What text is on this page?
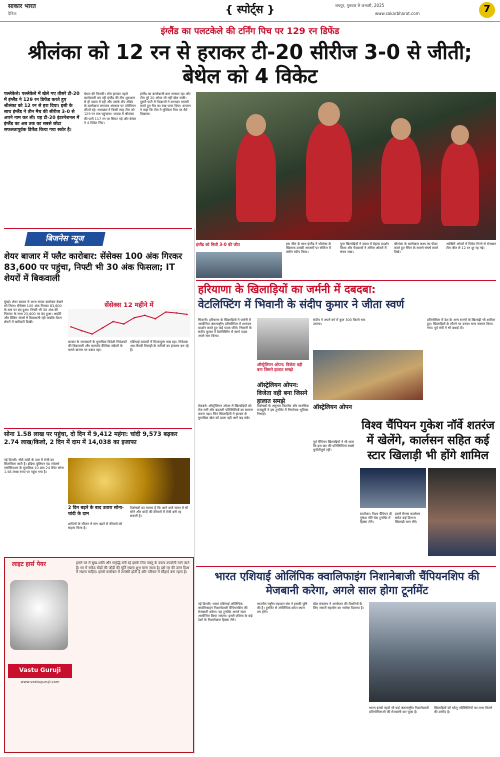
दैनिक
साकार भारत	{ स्पोर्ट्स }	जयपुर, गुरुवार 9 जनवरी, 2025
www.sakarbharat.com	7
इंग्लैंड का पलटकेले की टर्निंग पिच पर 129 रन डिफेंड
श्रीलंका को 12 रन से हराकर टी-20 सीरीज 3-0 से जीती; बेथेल को 4 विकेट
पल्लेकेले। पल्लेकेले में खेले गए तीसरे टी-20 में इंग्लैंड ने 129 रन डिफेंड करते हुए श्रीलंका को 12 रन से हरा दिया। इसी के साथ इंग्लैंड ने तीन मैच की सीरीज 3-0 से अपने नाम कर ली। यह टी-20 इंटरनेशनल में इंग्लैंड का अब तक का सबसे छोटा सफलतापूर्वक डिफेंड किया गया स्कोर है।
बेथल की फिरकी। टॉस हारकर पहले बल्लेबाजी कर रही इंग्लैंड की टीम शुरुआत से ही दबाव में रही और उसके टॉप ऑर्डर के बल्लेबाज लगातार अंतराल पर पवेलियन लौटते रहे। मध्यक्रम ने किसी तरह टीम को 129 रन तक पहुंचाया। जवाब में श्रीलंका की पारी 117 रन पर सिमट गई और बेथेल ने 4 विकेट लिए।
इंग्लैंड का बल्लेबाजी क्रम नाकाम रहा और टीम पूरे 20 ओवर भी नहीं खेल सकी। दूसरी पारी में गेंदबाजों ने शानदार वापसी करते हुए मैच का रुख पलट दिया। कप्तान ने कहा कि टीम ने मुश्किल पिच पर धैर्य दिखाया।
इंग्लैंड को मिली 3-0 की जीत	इस जीत के साथ इंग्लैंड ने श्रीलंका के खिलाफ उसकी सरजमीं पर सीरीज में क्लीन स्वीप किया।
युवा खिलाड़ियों ने दबाव में बेहतर प्रदर्शन किया और गेंदबाजों ने अंतिम ओवरों में संयम रखा।
श्रीलंका के बल्लेबाज लक्ष्य का पीछा करते हुए स्पिन के सामने संघर्ष करते दिखे।
आखिरी ओवरों में विकेट गिरने से मेजबान टीम जीत से 12 रन दूर रह गई।
बिजनेस न्यूज
शेयर बाजार में फ्लैट कारोबार: सेंसेक्स 100 अंक गिरकर 83,600 पर पहुंचा, निफ्टी भी 30 अंक फिसला; IT शेयरों में बिकवाली
मुंबई। शेयर बाजार में आज सपाट कारोबार देखने को मिला। सेंसेक्स 100 अंक गिरकर 83,600 के स्तर पर बंद हुआ। निफ्टी भी 30 अंक की गिरावट के साथ 25,600 पर बंद हुआ। आईटी और बैंकिंग शेयरों में बिकवाली रही जबकि मेटल शेयरों में खरीदारी दिखी।
सेंसेक्स 12 महीने में
बाजार के जानकारों के मुताबिक विदेशी निवेशकों की बिकवाली और कमजोर वैश्विक संकेतों के चलते बाजार पर दबाव रहा।
एशियाई बाजारों में मिलाजुला रुख रहा। निवेशक अब तीसरी तिमाही के नतीजों का इंतजार कर रहे हैं।
सोना 1.58 लाख पर पहुंचा, दो दिन में 9,412 महंगा: चांदी 9,573 बढ़कर 2.74 लाख/किलो, 2 दिन में दाम में 14,038 का इजाफा
नई दिल्ली। सोने-चांदी के दाम में तेजी का सिलसिला जारी है। इंडिया बुलियन एंड ज्वेलर्स एसोसिएशन के मुताबिक 10 ग्राम 24 कैरेट सोना 1.58 लाख रुपए पर पहुंच गया है।
2 दिन बढ़ने के बाद उतारा सोना-चांदी के दाम
शादियों के सीजन में मांग बढ़ने से कीमतों को सहारा मिला है।
विशेषज्ञों का मानना है कि आने वाले समय में भी सोने और चांदी की कीमतों में तेजी बनी रह सकती है।
लाइट हार्स पेयर
Vastu Guruji
www.vastuguruji.com
हमारे घर में सुख-शांति और समृद्धि बनी रहे इसके लिए वास्तु के उपाय उपयोगी माने जाते हैं। घर में सफेद घोड़ों की जोड़ी की मूर्ति रखना शुभ माना जाता है। इसे घर की उत्तर दिशा में रखना चाहिए। इससे कारोबार में तरक्की होती है और परिवार में सौहार्द बना रहता है।
हरियाणा के खिलाड़ियों का जर्मनी में दबदबा:
वेटलिफ्टिंग में भिवानी के संदीप कुमार ने जीता स्वर्ण
भिवानी। हरियाणा के खिलाड़ियों ने जर्मनी में आयोजित अंतरराष्ट्रीय प्रतियोगिता में शानदार प्रदर्शन करते हुए कई पदक जीते। भिवानी के संदीप कुमार ने वेटलिफ्टिंग में स्वर्ण पदक अपने नाम किया।
ऑस्ट्रेलियन ओपन: विजेता वही बना जिसने हालात समझे
संदीप ने अपने वर्ग में कुल 300 किलो भार उठाया।
प्रतियोगिता में देश के अन्य राज्यों के खिलाड़ी भी शामिल हुए। खिलाड़ियों के लौटने पर उनका भव्य स्वागत किया गया। पूर्व मंत्री ने भी बधाई दी।
ऑस्ट्रेलियन ओपन: विजेता वही बना जिसने हालात समझे
मेलबर्न। ऑस्ट्रेलियन ओपन में खिलाड़ियों को तेज गर्मी और बदलती परिस्थितियों का सामना करना पड़ा। जिन खिलाड़ियों ने हालात के मुताबिक खेल को ढाला वही आगे बढ़ सके।
विशेषज्ञों के अनुसार फिटनेस और मानसिक मजबूती ने इस टूर्नामेंट में निर्णायक भूमिका निभाई।
ऑस्ट्रेलियन ओपन
पूर्व चैंपियन खिलाड़ियों ने भी माना कि इस बार की परिस्थितियां सबसे चुनौतीपूर्ण रहीं।
विश्व चैंपियन गुकेश नॉर्वे शतरंज में खेलेंगे, कार्लसन सहित कई स्टार खिलाड़ी भी होंगे शामिल
स्टावेंजर। विश्व चैंपियन डी गुकेश नॉर्वे चेस टूर्नामेंट में हिस्सा लेंगे।
इसमें मैग्नस कार्लसन समेत कई दिग्गज खिलाड़ी भाग लेंगे।
भारत एशियाई ओलिंपिक क्वालिफाइंग निशानेबाजी चैंपियनशिप की मेजबानी करेगा, अगले साल होगा टूर्नामेंट
नई दिल्ली। भारत एशियाई ओलिंपिक क्वालिफाइंग निशानेबाजी चैंपियनशिप की मेजबानी करेगा। यह टूर्नामेंट अगले साल आयोजित किया जाएगा। इसमें एशिया के कई देशों के निशानेबाज हिस्सा लेंगे।
भारतीय राष्ट्रीय राइफल संघ ने इसकी पुष्टि की है। टूर्नामेंट से ओलिंपिक कोटा स्थान तय होंगे।
खेल मंत्रालय ने आयोजन की तैयारियों के लिए जरूरी सहयोग का भरोसा दिलाया है।
भारत इससे पहले भी कई अंतरराष्ट्रीय निशानेबाजी प्रतियोगिताओं की मेजबानी कर चुका है।
खिलाड़ियों को घरेलू परिस्थितियों का लाभ मिलने की उम्मीद है।
